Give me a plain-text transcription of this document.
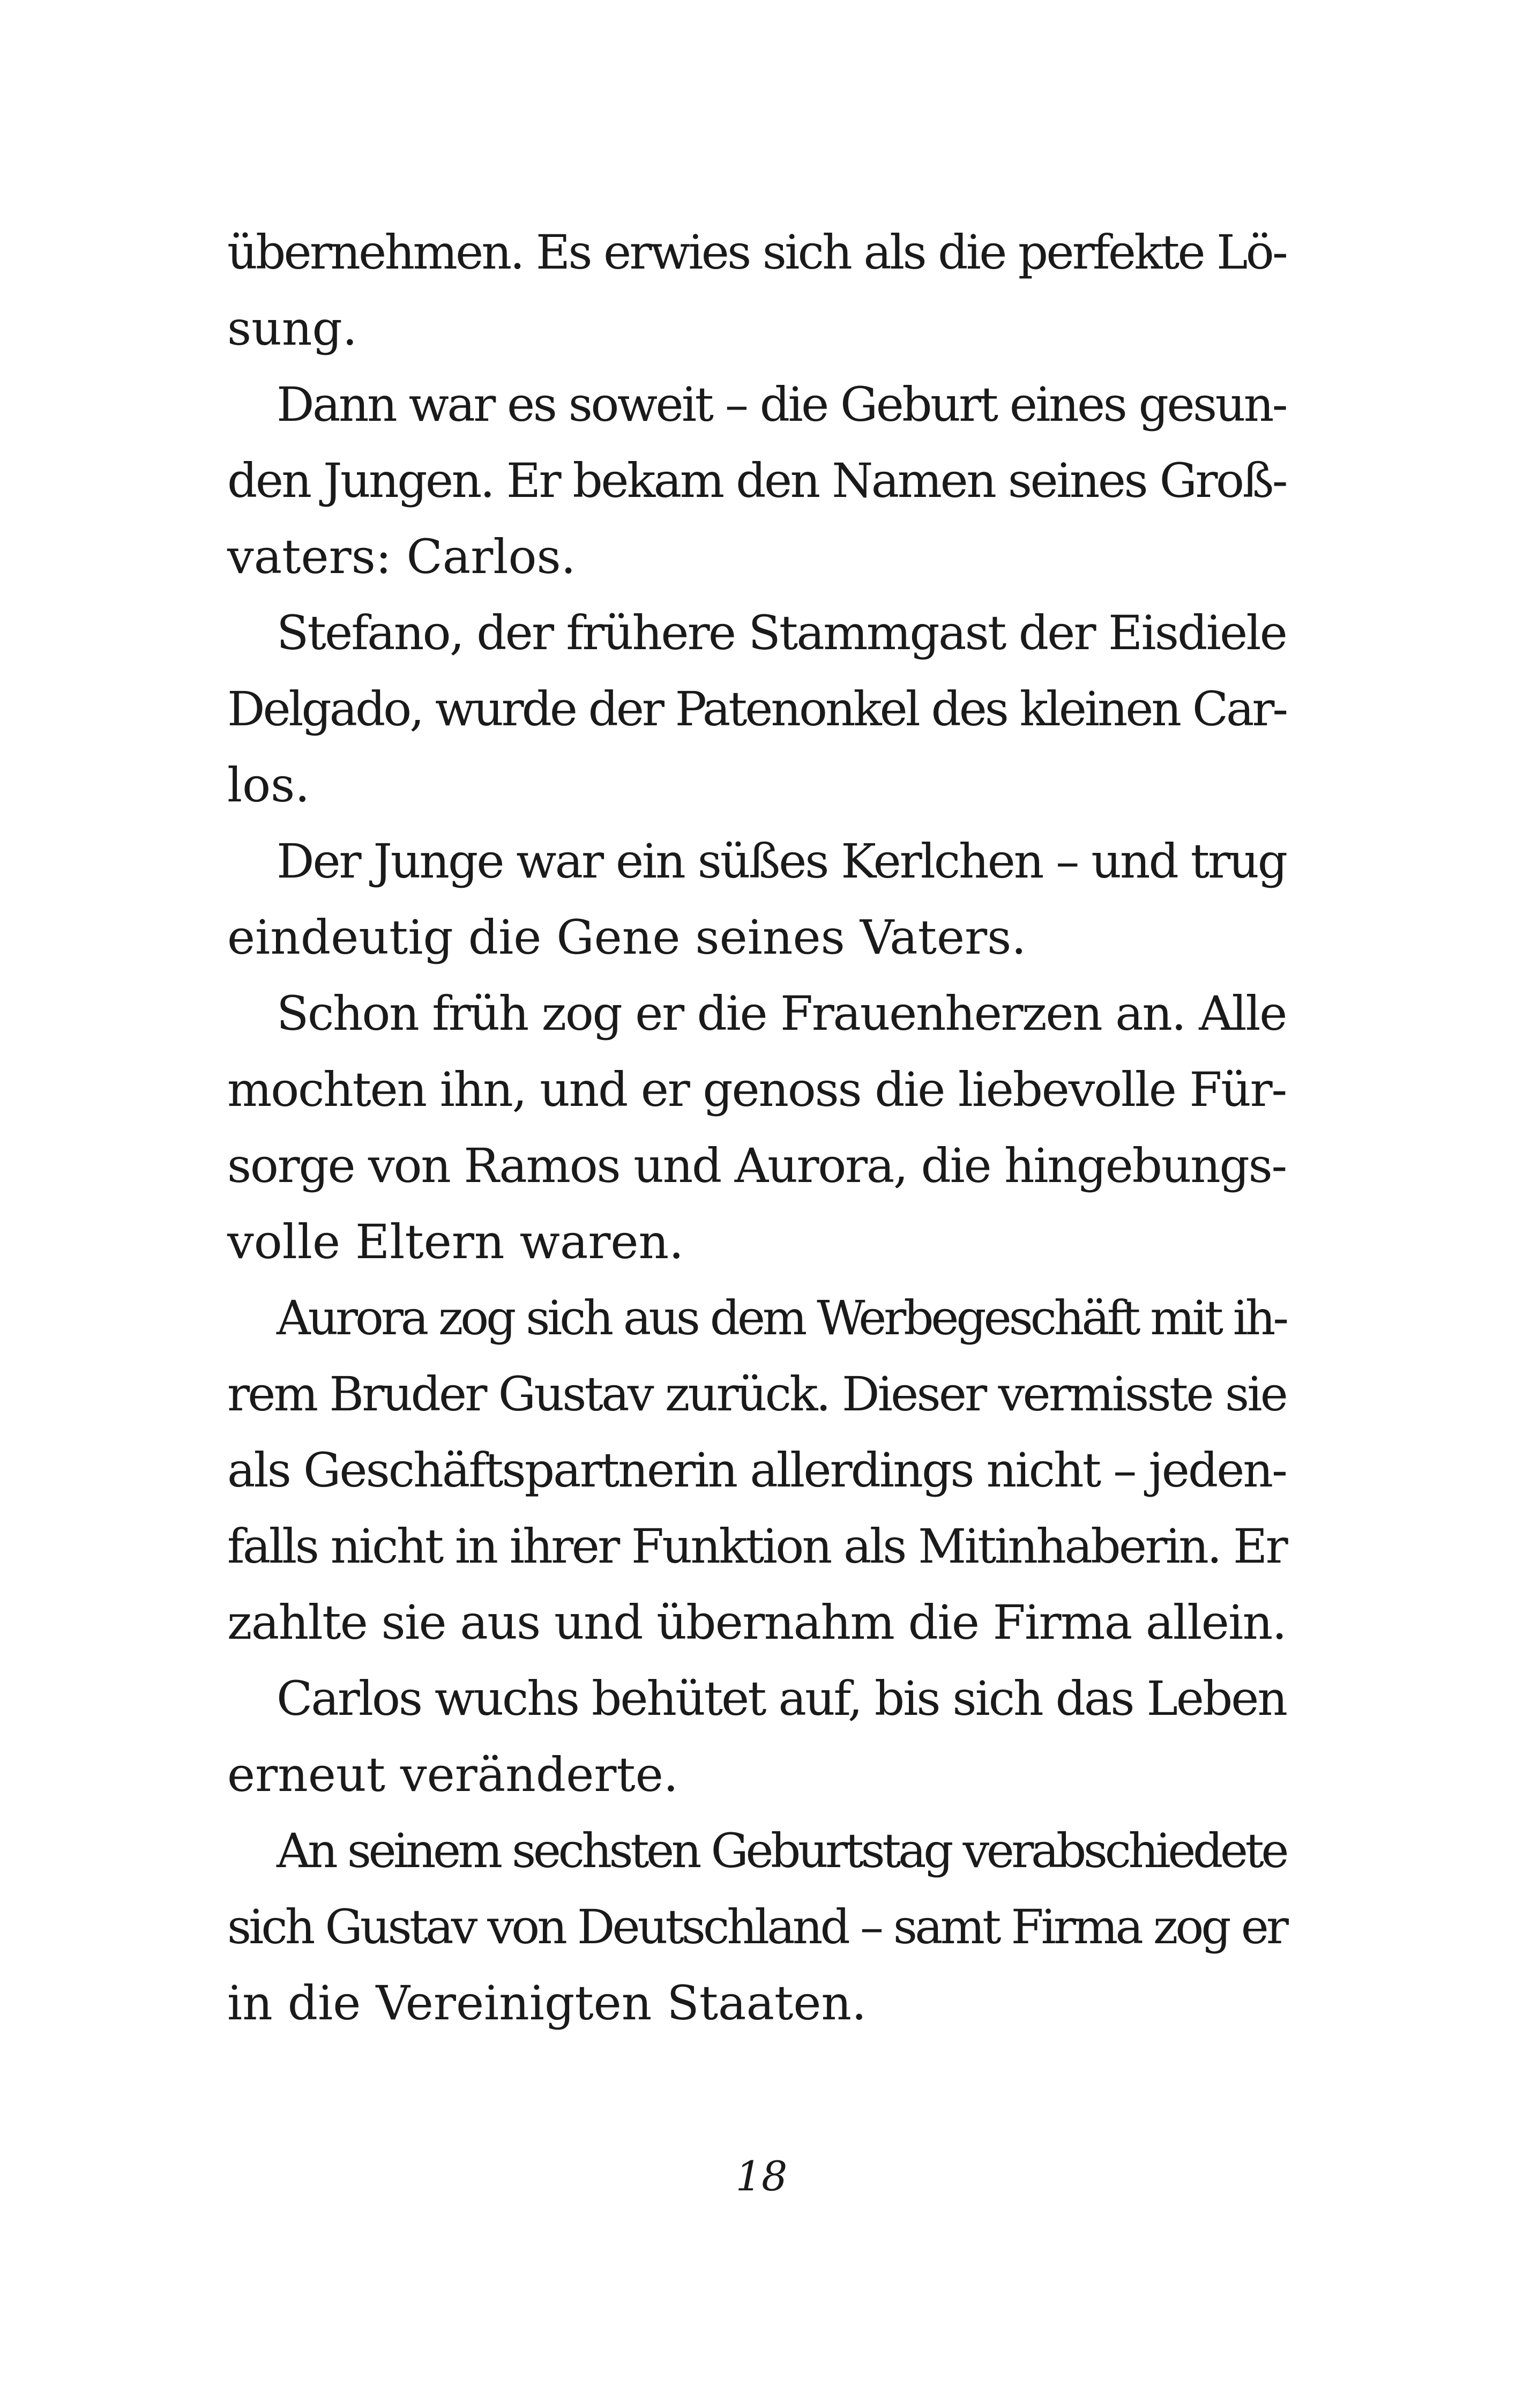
übernehmen. Es erwies sich als die perfekte Lö-
sung.
Dann war es soweit – die Geburt eines gesun-
den Jungen. Er bekam den Namen seines Groß-
vaters: Carlos.
Stefano, der frühere Stammgast der Eisdiele
Delgado, wurde der Patenonkel des kleinen Car-
los.
Der Junge war ein süßes Kerlchen – und trug
eindeutig die Gene seines Vaters.
Schon früh zog er die Frauenherzen an. Alle
mochten ihn, und er genoss die liebevolle Für-
sorge von Ramos und Aurora, die hingebungs-
volle Eltern waren.
Aurora zog sich aus dem Werbegeschäft mit ih-
rem Bruder Gustav zurück. Dieser vermisste sie
als Geschäftspartnerin allerdings nicht – jeden-
falls nicht in ihrer Funktion als Mitinhaberin. Er
zahlte sie aus und übernahm die Firma allein.
Carlos wuchs behütet auf, bis sich das Leben
erneut veränderte.
An seinem sechsten Geburtstag verabschiedete
sich Gustav von Deutschland – samt Firma zog er
in die Vereinigten Staaten.
18
